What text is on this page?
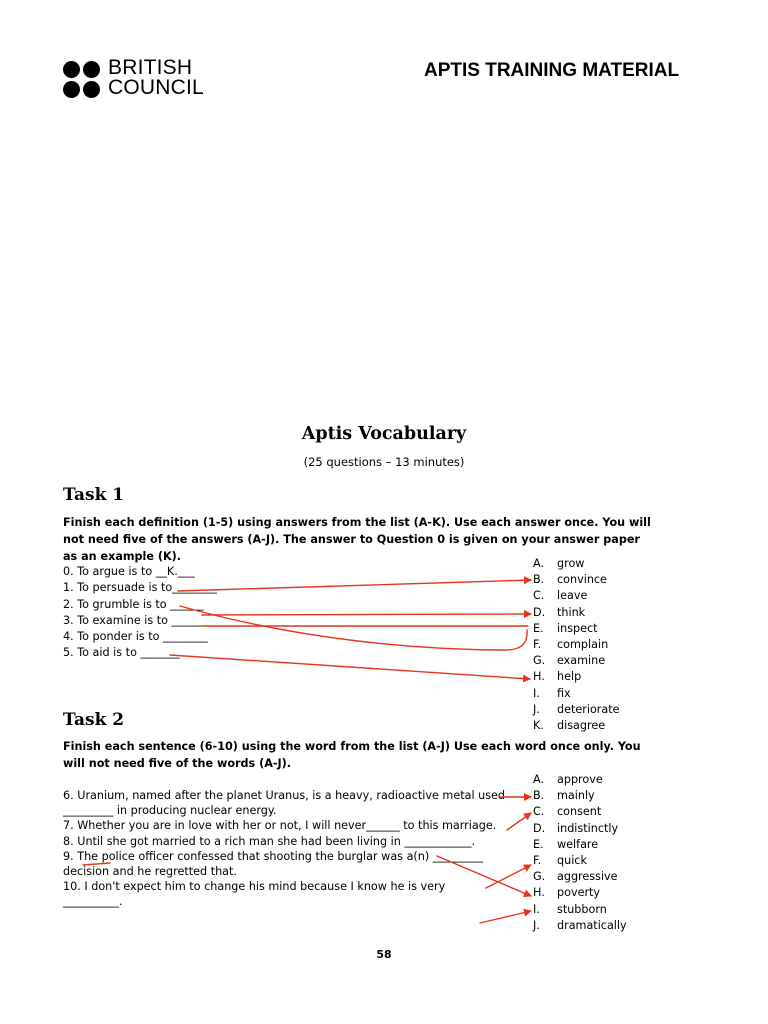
BRITISH
COUNCIL
APTIS TRAINING MATERIAL
Aptis Vocabulary
(25 questions – 13 minutes)
Task 1
Finish each definition (1-5) using answers from the list (A-K). Use each answer once. You will not need five of the answers (A-J). The answer to Question 0 is given on your answer paper as an example (K).
0. To argue is to __K.___
1. To persuade is to________
2. To grumble is to ______
3. To examine is to _________
4. To ponder is to ________
5. To aid is to _______
A. grow
B. convince
C. leave
D. think
E. inspect
F. complain
G. examine
H. help
I. fix
J. deteriorate
K. disagree
Task 2
Finish each sentence (6-10) using the word from the list (A-J) Use each word once only. You will not need five of the words (A-J).

6. Uranium, named after the planet Uranus, is a heavy, radioactive metal used _________ in producing nuclear energy.

7. Whether you are in love with her or not, I will never______ to this marriage.

8. Until she got married to a rich man she had been living in ____________.

9. The police officer confessed that shooting the burglar was a(n) _________ decision and he regretted that.

10. I don't expect him to change his mind because I know he is very __________.

A. approve
B. mainly
C. consent
D. indistinctly
E. welfare
F. quick
G. aggressive
H. poverty
I. stubborn
J. dramatically
58
